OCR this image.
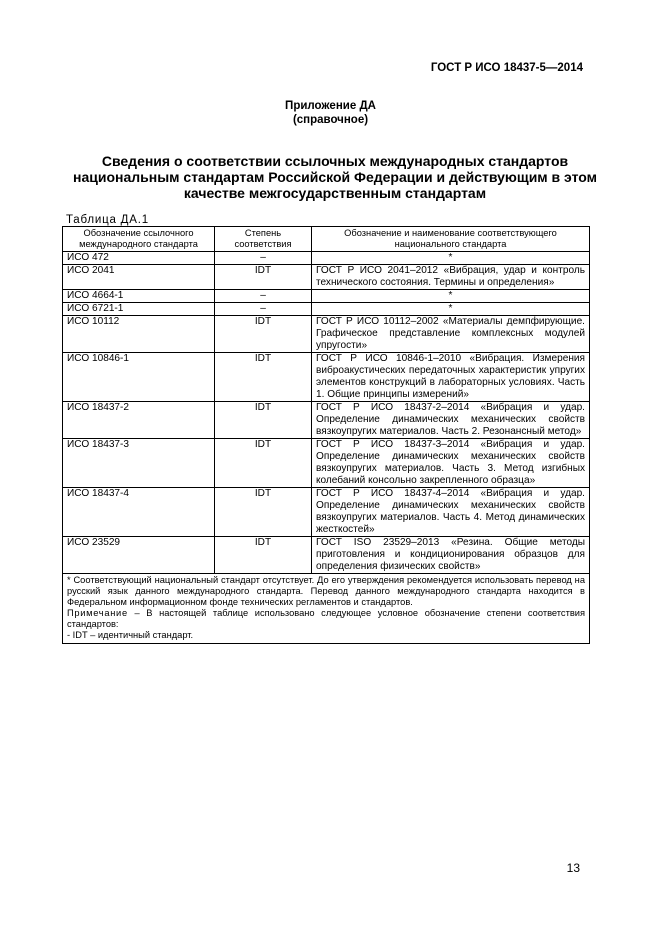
ГОСТ Р ИСО 18437-5—2014
Приложение ДА
(справочное)
Сведения о соответствии ссылочных международных стандартов
национальным стандартам Российской Федерации и действующим в этом
качестве межгосударственным стандартам
Таблица ДА.1
Обозначение ссылочного международного стандарта	Степень соответствия	Обозначение и наименование соответствующего национального стандарта
ИСО 472	–	*
ИСО 2041	IDT	ГОСТ Р ИСО 2041–2012 «Вибрация, удар и контроль технического состояния. Термины и определения»
ИСО 4664-1	–	*
ИСО 6721-1	–	*
ИСО 10112	IDT	ГОСТ Р ИСО 10112–2002 «Материалы демпфирующие. Графическое представление комплексных модулей упругости»
ИСО 10846-1	IDT	ГОСТ Р ИСО 10846-1–2010 «Вибрация. Измерения виброакустических передаточных характеристик упругих элементов конструкций в лабораторных условиях. Часть 1. Общие принципы измерений»
ИСО 18437-2	IDT	ГОСТ Р ИСО 18437-2–2014 «Вибрация и удар. Определение динамических механических свойств вязкоупругих материалов. Часть 2. Резонансный метод»
ИСО 18437-3	IDT	ГОСТ Р ИСО 18437-3–2014 «Вибрация и удар. Определение динамических механических свойств вязкоупругих материалов. Часть 3. Метод изгибных колебаний консольно закрепленного образца»
ИСО 18437-4	IDT	ГОСТ Р ИСО 18437-4–2014 «Вибрация и удар. Определение динамических механических свойств вязкоупругих материалов. Часть 4. Метод динамических жесткостей»
ИСО 23529	IDT	ГОСТ ISO 23529–2013 «Резина. Общие методы приготовления и кондиционирования образцов для определения физических свойств»

* Соответствующий национальный стандарт отсутствует. До его утверждения рекомендуется использовать перевод на русский язык данного международного стандарта. Перевод данного международного стандарта находится в Федеральном информационном фонде технических регламентов и стандартов.
Примечание – В настоящей таблице использовано следующее условное обозначение степени соответствия стандартов:
- IDT – идентичный стандарт.		
13
